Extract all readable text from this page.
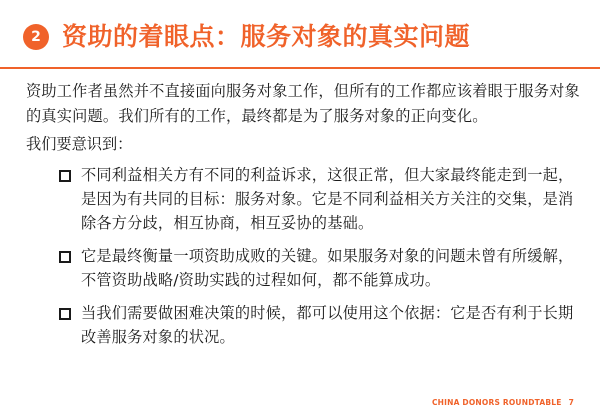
2 资助的着眼点：服务对象的真实问题
资助工作者虽然并不直接面向服务对象工作，但所有的工作都应该着眼于服务对象的真实问题。我们所有的工作，最终都是为了服务对象的正向变化。
我们要意识到：
不同利益相关方有不同的利益诉求，这很正常，但大家最终能走到一起，是因为有共同的目标：服务对象。它是不同利益相关方关注的交集，是消除各方分歧，相互协商，相互妥协的基础。
它是最终衡量一项资助成败的关键。如果服务对象的问题未曾有所缓解，不管资助战略/资助实践的过程如何，都不能算成功。
当我们需要做困难决策的时候，都可以使用这个依据：它是否有利于长期改善服务对象的状况。
CHINA DONORS ROUNDTABLE 7
